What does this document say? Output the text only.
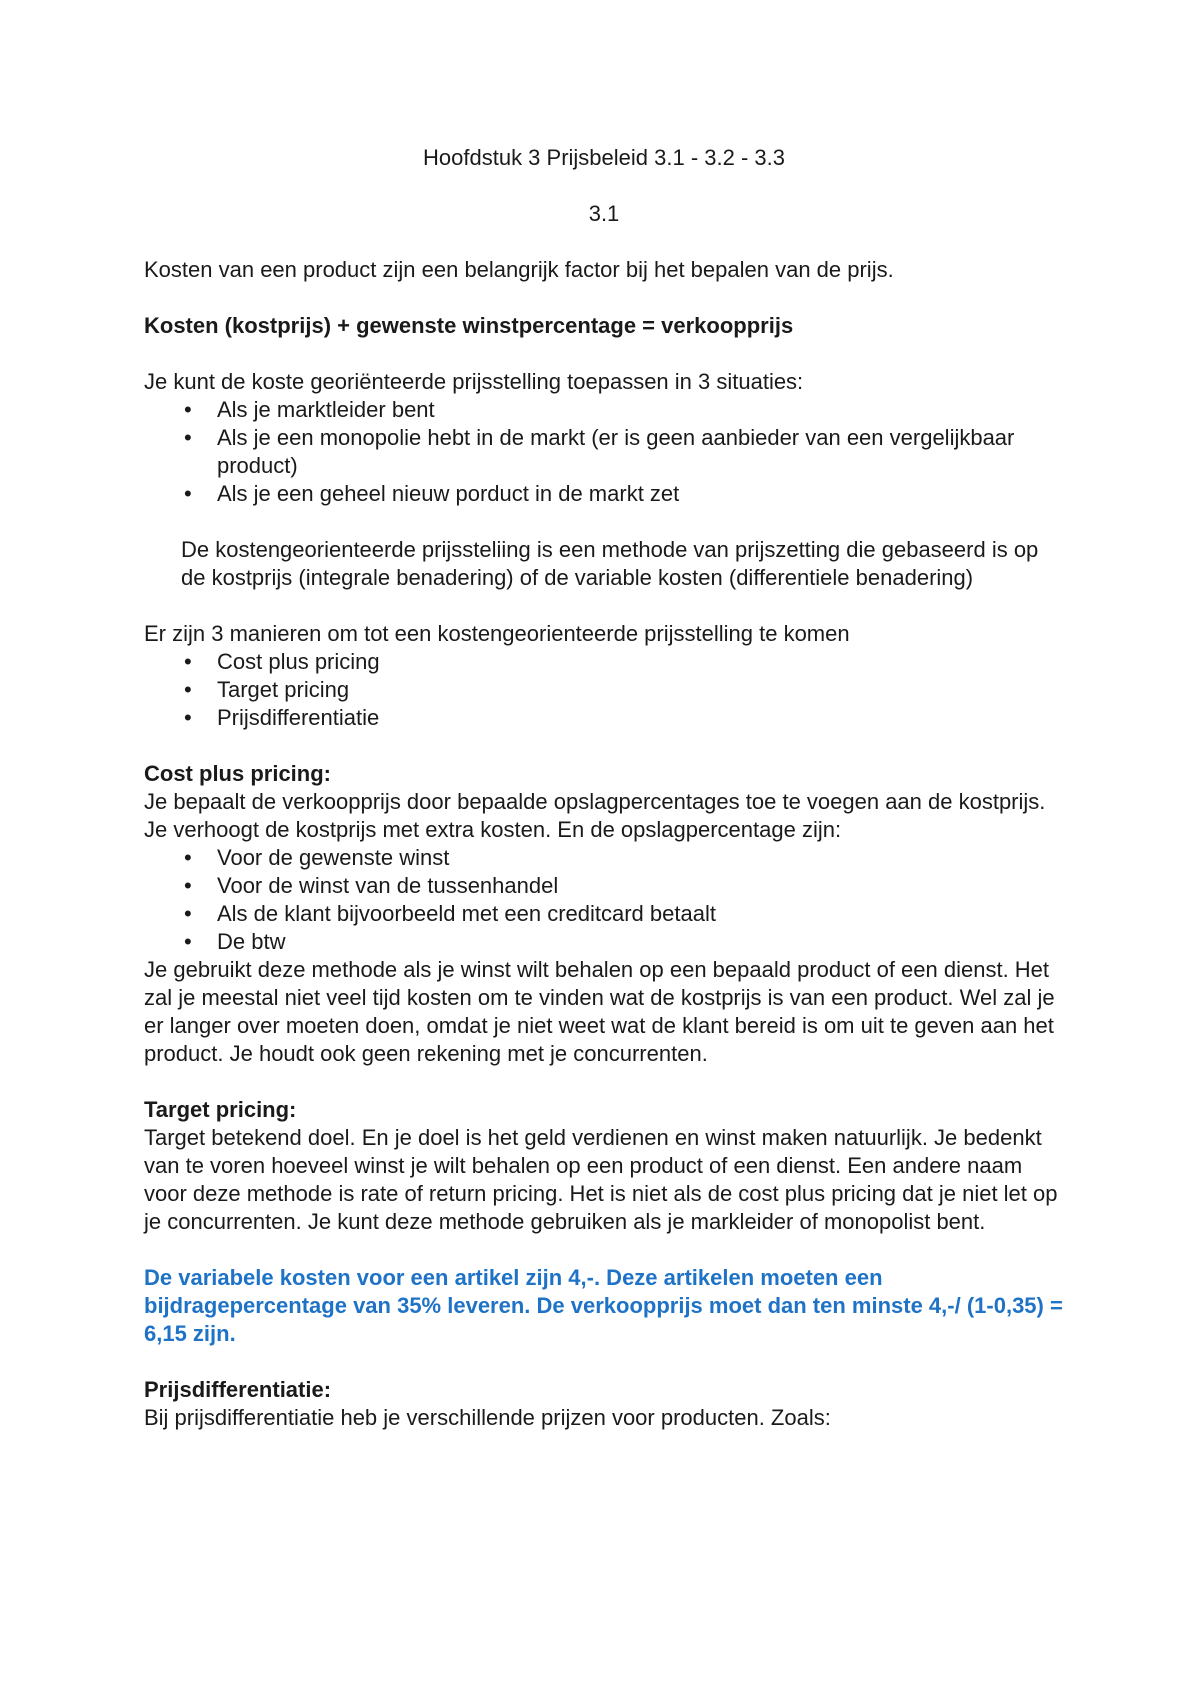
Hoofdstuk 3 Prijsbeleid 3.1 - 3.2 - 3.3

3.1

Kosten van een product zijn een belangrijk factor bij het bepalen van de prijs.

Kosten (kostprijs) + gewenste winstpercentage = verkoopprijs

Je kunt de koste georiënteerde prijsstelling toepassen in 3 situaties:

• Als je marktleider bent
• Als je een monopolie hebt in de markt (er is geen aanbieder van een vergelijkbaar product)
• Als je een geheel nieuw porduct in de markt zet

De kostengeorienteerde prijssteliing is een methode van prijszetting die gebaseerd is op de kostprijs (integrale benadering) of de variable kosten (differentiele benadering)

Er zijn 3 manieren om tot een kostengeorienteerde prijsstelling te komen

• Cost plus pricing
• Target pricing
• Prijsdifferentiatie

Cost plus pricing:

Je bepaalt de verkoopprijs door bepaalde opslagpercentages toe te voegen aan de kostprijs. Je verhoogt de kostprijs met extra kosten. En de opslagpercentage zijn:

• Voor de gewenste winst
• Voor de winst van de tussenhandel
• Als de klant bijvoorbeeld met een creditcard betaalt
• De btw

Je gebruikt deze methode als je winst wilt behalen op een bepaald product of een dienst. Het zal je meestal niet veel tijd kosten om te vinden wat de kostprijs is van een product. Wel zal je er langer over moeten doen, omdat je niet weet wat de klant bereid is om uit te geven aan het product. Je houdt ook geen rekening met je concurrenten.

Target pricing:

Target betekend doel. En je doel is het geld verdienen en winst maken natuurlijk. Je bedenkt van te voren hoeveel winst je wilt behalen op een product of een dienst. Een andere naam voor deze methode is rate of return pricing. Het is niet als de cost plus pricing dat je niet let op je concurrenten. Je kunt deze methode gebruiken als je markleider of monopolist bent.

De variabele kosten voor een artikel zijn 4,-. Deze artikelen moeten een bijdragepercentage van 35% leveren. De verkoopprijs moet dan ten minste 4,-/ (1-0,35) = 6,15 zijn.

Prijsdifferentiatie:

Bij prijsdifferentiatie heb je verschillende prijzen voor producten. Zoals:
